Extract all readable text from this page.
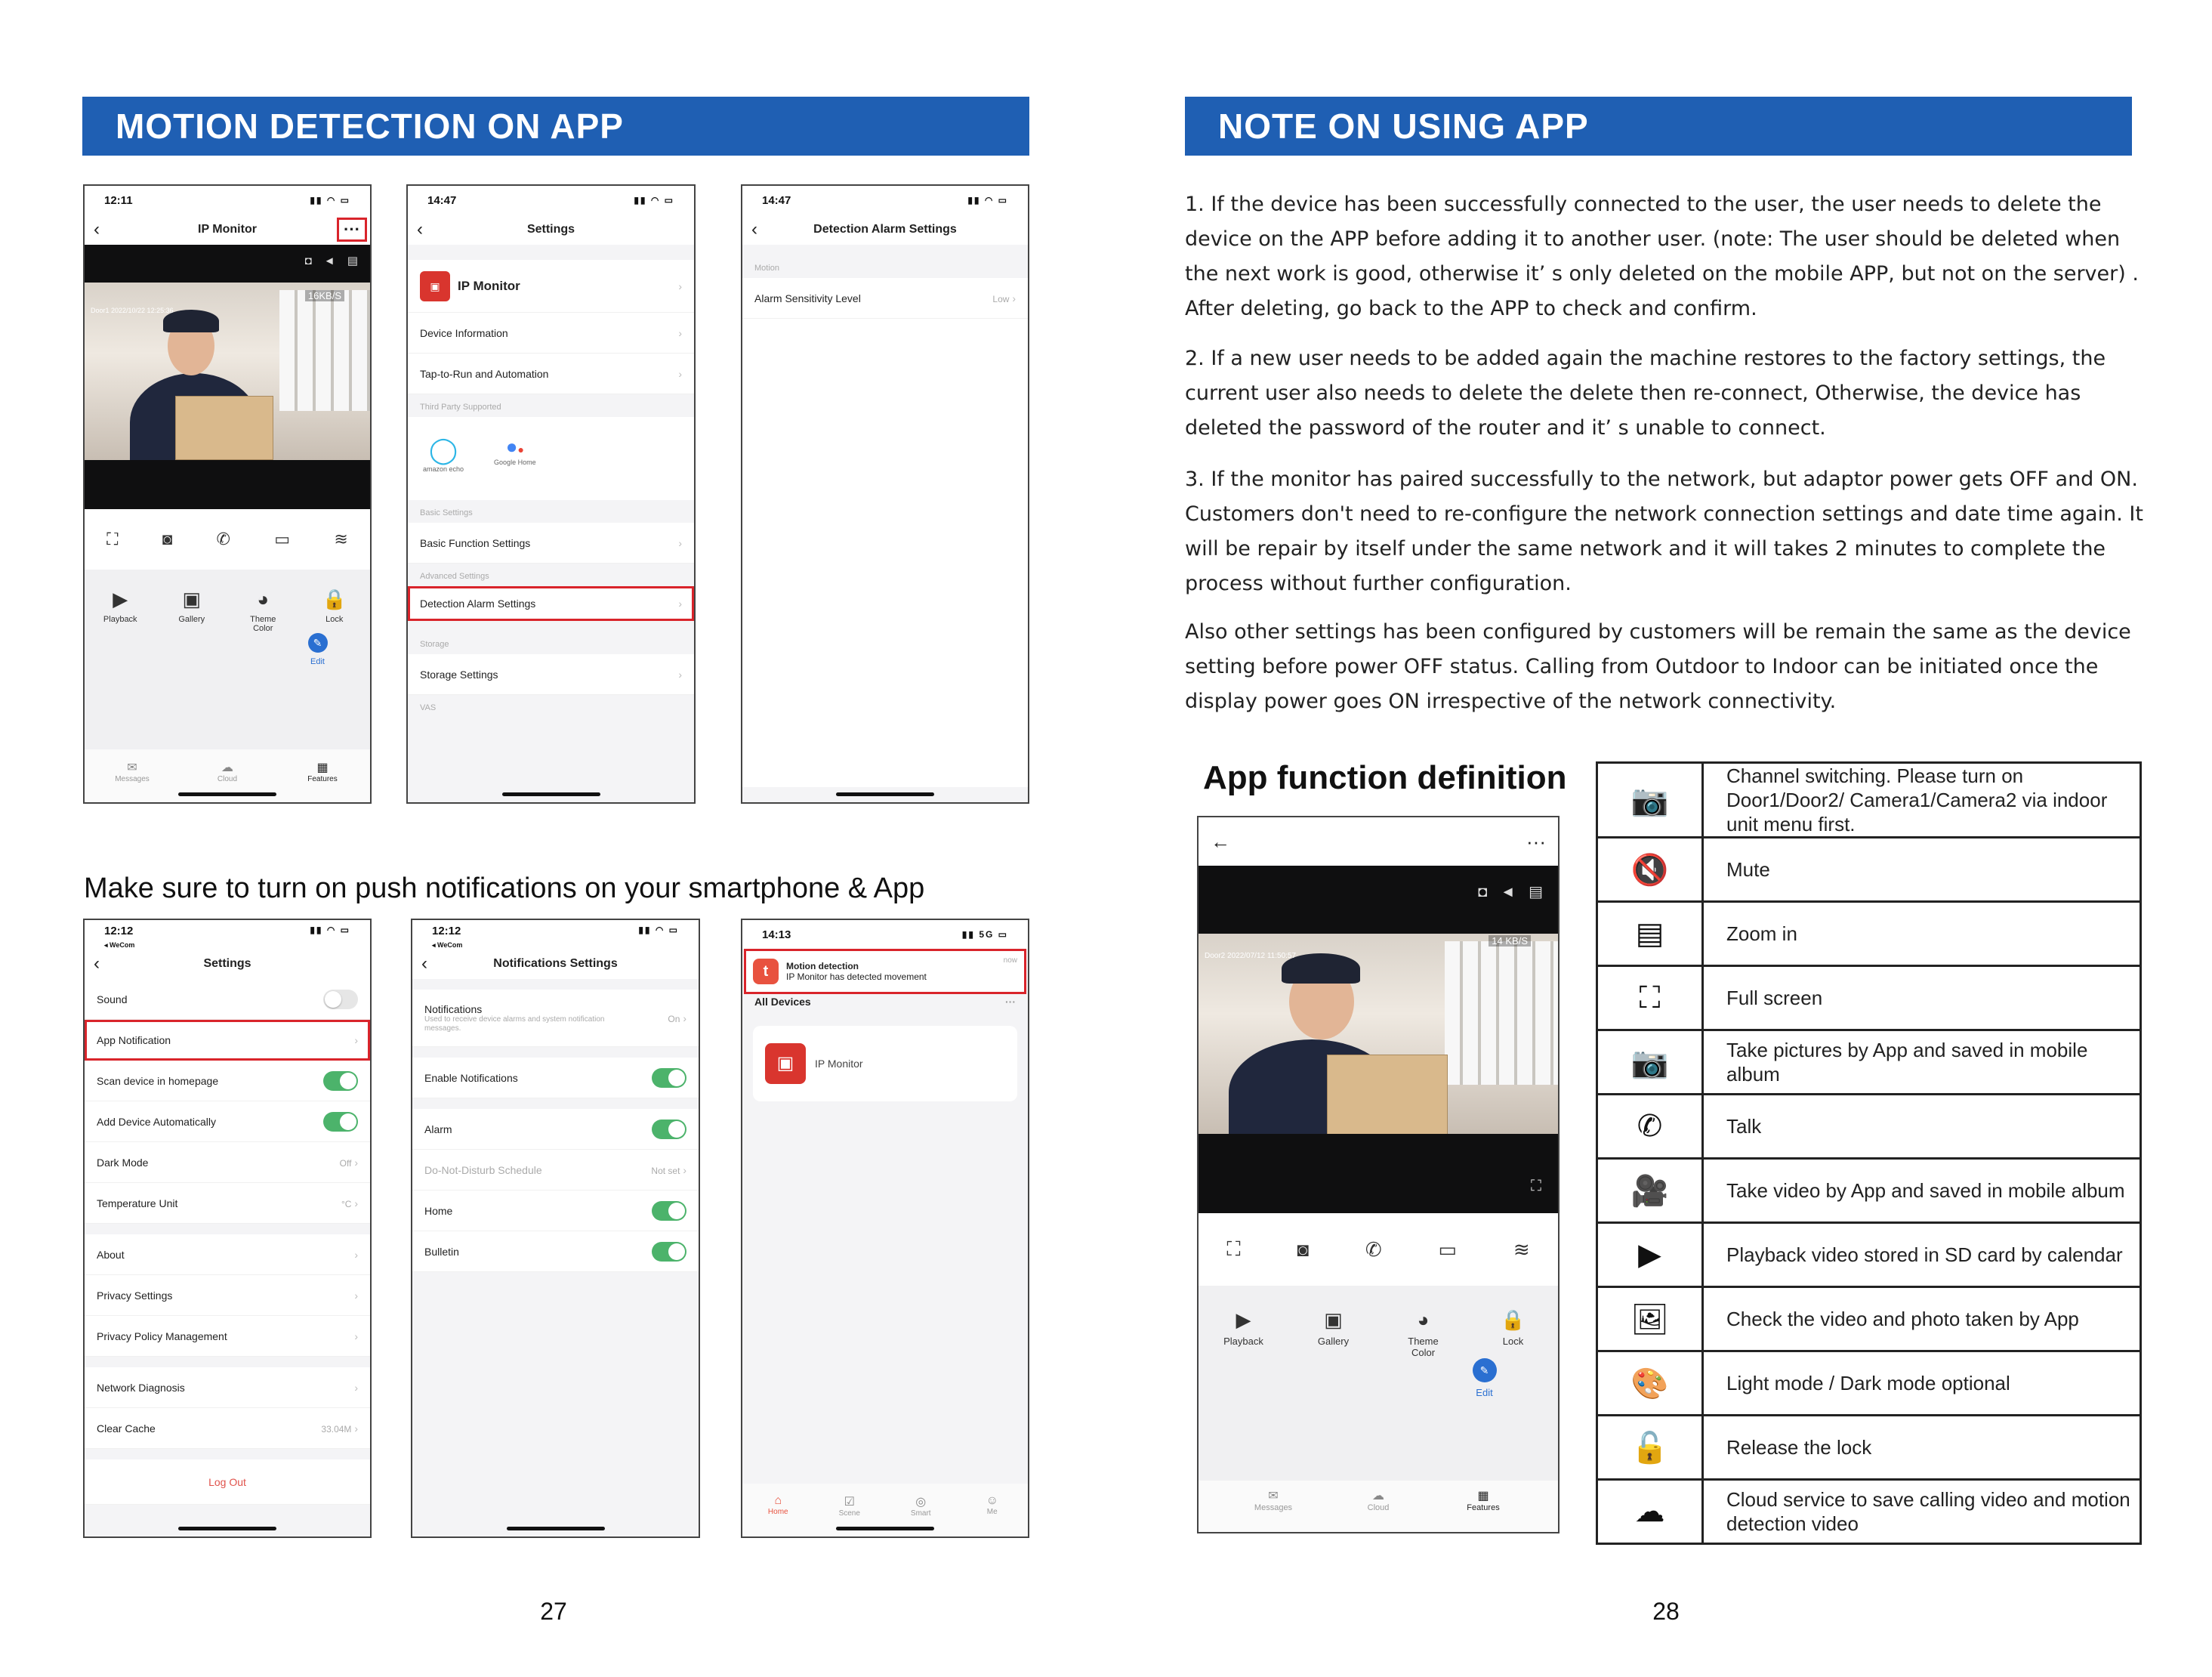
MOTION DETECTION ON APP
12:11	▮▮ ◠ ▭
‹	IP Monitor	···
◘ ◄ ▤
Door1 2022/10/22 12:25:36
16KB/S
⛶	◙	✆	▭	≋
▶
Playback
▣
Gallery
◕
Theme
Color
🔒
Lock
✎
Edit
✉
Messages
☁
Cloud
▦
Features
14:47	▮▮ ◠ ▭
‹	Settings
▣	IP Monitor	›
Device Information	›
Tap-to-Run and Automation	›
Third Party Supported
◯
amazon echo
●●
Google Home
Basic Settings
Basic Function Settings	›
Advanced Settings
Detection Alarm Settings	›
Storage
Storage Settings	›
VAS
14:47	▮▮ ◠ ▭
‹	Detection Alarm Settings
Motion
Alarm Sensitivity Level	Low ›
Make sure to turn on push notifications on your smartphone & App
12:12
◂ WeCom
▮▮ ◠ ▭
‹	Settings
Sound
App Notification	›
Scan device in homepage
Add Device Automatically
Dark Mode	Off ›
Temperature Unit	°C ›
About	›
Privacy Settings	›
Privacy Policy Management	›
Network Diagnosis	›
Clear Cache	33.04M ›
Log Out
12:12
◂ WeCom
▮▮ ◠ ▭
‹	Notifications Settings
Notifications

Used to receive device alarms and system notification messages.
On ›
Enable Notifications
Alarm
Do-Not-Disturb Schedule	Not set ›
Home
Bulletin
14:13	▮▮ 5G ▭
t	Motion detection
IP Monitor has detected movement
now
All Devices	···
▣	IP Monitor
⌂
Home
☑
Scene
◎
Smart
☺
Me
27
NOTE ON USING APP
1. If the device has been successfully connected to the user, the user needs to delete the device on the APP before adding it to another user. (note: The user should be deleted when the next work is good, otherwise it’ s only deleted on the mobile APP, but not on the server) . After deleting, go back to the APP to check and confirm.
2. If a new user needs to be added again the machine restores to the factory settings, the current user also needs to delete the delete then re-connect, Otherwise, the device has deleted the password of the router and it’ s unable to connect.
3. If the monitor has paired successfully to the network, but adaptor power gets OFF and ON. Customers don't need to re-configure the network connection settings and date time again. It will be repair by itself under the same network and it will takes 2 minutes to complete the process without further configuration.
Also other settings has been configured by customers will be remain the same as the device setting before power OFF status. Calling from Outdoor to Indoor can be initiated once the display power goes ON irrespective of the network connectivity.
App function definition
←	···
◘ ◄ ▤
Door2 2022/07/12 11:50:57
14 KB/S
⛶
⛶	◙	✆	▭	≋
▶
Playback
▣
Gallery
◕
Theme
Color
🔒
Lock
✎
Edit
✉
Messages
☁
Cloud
▦
Features
📷	Channel switching. Please turn on Door1/Door2/ Camera1/Camera2 via indoor unit menu first.
🔇	Mute
▤	Zoom in
⛶	Full screen
📷	Take pictures by App and saved in mobile album
✆	Talk
🎥	Take video by App and saved in mobile album
▶	Playback video stored in SD card by calendar
🖼	Check the video and photo taken by App
🎨	Light mode / Dark mode optional
🔓	Release the lock
☁	Cloud service to save calling video and motion detection video
28
